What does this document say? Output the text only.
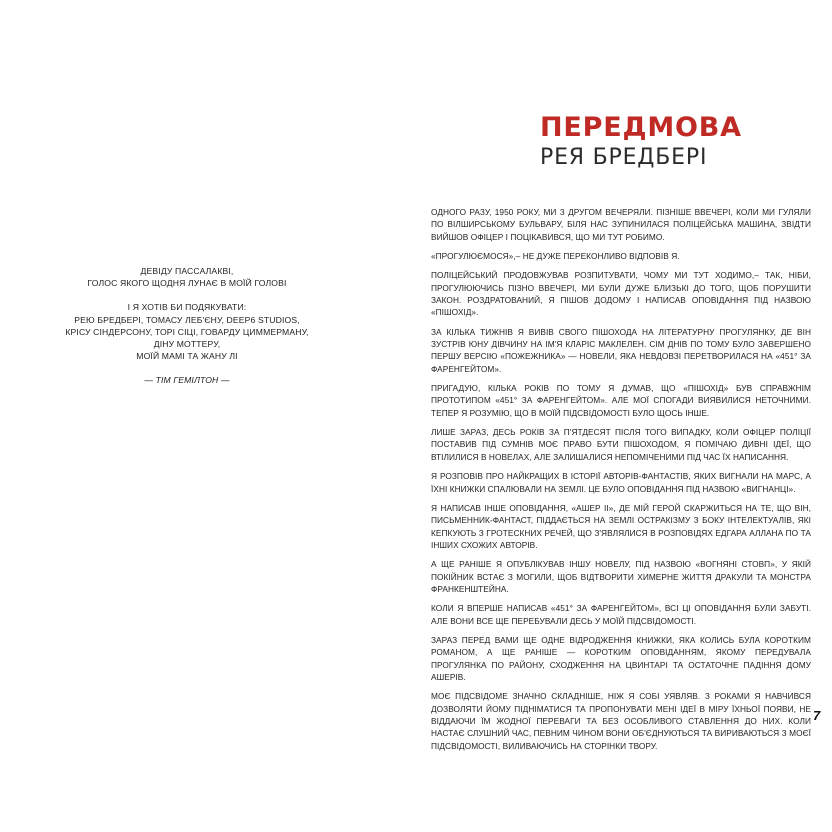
ДЕВІДУ ПАССАЛАКВІ,
ГОЛОС ЯКОГО ЩОДНЯ ЛУНАЄ В МОЇЙ ГОЛОВІ
І Я ХОТІВ БИ ПОДЯКУВАТИ:
РЕЮ БРЕДБЕРІ, ТОМАСУ ЛЕБ'ЄНУ, DEEP6 STUDIOS,
КРІСУ СІНДЕРСОНУ, ТОРІ СІЦІ, ГОВАРДУ ЦИММЕРМАНУ,
ДІНУ МОТТЕРУ,
МОЇЙ МАМІ ТА ЖАНУ ЛІ
— ТІМ ГЕМІЛТОН —
ПЕРЕДМОВА
РЕЯ БРЕДБЕРІ

ОДНОГО РАЗУ, 1950 РОКУ, МИ З ДРУГОМ ВЕЧЕРЯЛИ. ПІЗНІШЕ ВВЕЧЕРІ, КОЛИ МИ ГУЛЯЛИ ПО ВІЛШИРСЬКОМУ БУЛЬВАРУ, БІЛЯ НАС ЗУПИНИЛАСЯ ПОЛІЦЕЙСЬКА МАШИНА, ЗВІДТИ ВИЙШОВ ОФІЦЕР І ПОЦІКАВИВСЯ, ЩО МИ ТУТ РОБИМО.

«ПРОГУЛЮЄМОСЯ»,– НЕ ДУЖЕ ПЕРЕКОНЛИВО ВІДПОВІВ Я.

ПОЛІЦЕЙСЬКИЙ ПРОДОВЖУВАВ РОЗПИТУВАТИ, ЧОМУ МИ ТУТ ХОДИМО,– ТАК, НІБИ, ПРОГУЛЮЮЧИСЬ ПІЗНО ВВЕЧЕРІ, МИ БУЛИ ДУЖЕ БЛИЗЬКІ ДО ТОГО, ЩОБ ПОРУШИТИ ЗАКОН. РОЗДРАТОВАНИЙ, Я ПІШОВ ДОДОМУ І НАПИСАВ ОПОВІДАННЯ ПІД НАЗВОЮ «ПІШОХІД».

ЗА КІЛЬКА ТИЖНІВ Я ВИВІВ СВОГО ПІШОХОДА НА ЛІТЕРАТУРНУ ПРОГУЛЯНКУ, ДЕ ВІН ЗУСТРІВ ЮНУ ДІВЧИНУ НА ІМ'Я КЛАРІС МАКЛЕЛЕН. СІМ ДНІВ ПО ТОМУ БУЛО ЗАВЕРШЕНО ПЕРШУ ВЕРСІЮ «ПОЖЕЖНИКА» — НОВЕЛИ, ЯКА НЕВДОВЗІ ПЕРЕТВОРИЛАСЯ НА «451° ЗА ФАРЕНГЕЙТОМ».

ПРИГАДУЮ, КІЛЬКА РОКІВ ПО ТОМУ Я ДУМАВ, ЩО «ПІШОХІД» БУВ СПРАВЖНІМ ПРОТОТИПОМ «451° ЗА ФАРЕНГЕЙТОМ». АЛЕ МОЇ СПОГАДИ ВИЯВИЛИСЯ НЕТОЧНИМИ. ТЕПЕР Я РОЗУМІЮ, ЩО В МОЇЙ ПІДСВІДОМОСТІ БУЛО ЩОСЬ ІНШЕ.

ЛИШЕ ЗАРАЗ, ДЕСЬ РОКІВ ЗА П'ЯТДЕСЯТ ПІСЛЯ ТОГО ВИПАДКУ, КОЛИ ОФІЦЕР ПОЛІЦІЇ ПОСТАВИВ ПІД СУМНІВ МОЄ ПРАВО БУТИ ПІШОХОДОМ, Я ПОМІЧАЮ ДИВНІ ІДЕЇ, ЩО ВТІЛИЛИСЯ В НОВЕЛАХ, АЛЕ ЗАЛИШАЛИСЯ НЕПОМІЧЕНИМИ ПІД ЧАС ЇХ НАПИСАННЯ.

Я РОЗПОВІВ ПРО НАЙКРАЩИХ В ІСТОРІЇ АВТОРІВ-ФАНТАСТІВ, ЯКИХ ВИГНАЛИ НА МАРС, А ЇХНІ КНИЖКИ СПАЛЮВАЛИ НА ЗЕМЛІ. ЦЕ БУЛО ОПОВІДАННЯ ПІД НАЗВОЮ «ВИГНАНЦІ».

Я НАПИСАВ ІНШЕ ОПОВІДАННЯ, «АШЕР ІІ», ДЕ МІЙ ГЕРОЙ СКАРЖИТЬСЯ НА ТЕ, ЩО ВІН, ПИСЬМЕННИК-ФАНТАСТ, ПІДДАЄТЬСЯ НА ЗЕМЛІ ОСТРАКІЗМУ З БОКУ ІНТЕЛЕКТУАЛІВ, ЯКІ КЕПКУЮТЬ З ГРОТЕСКНИХ РЕЧЕЙ, ЩО З'ЯВЛЯЛИСЯ В РОЗПОВІДЯХ ЕДГАРА АЛЛАНА ПО ТА ІНШИХ СХОЖИХ АВТОРІВ.

А ЩЕ РАНІШЕ Я ОПУБЛІКУВАВ ІНШУ НОВЕЛУ, ПІД НАЗВОЮ «ВОГНЯНІ СТОВП», У ЯКІЙ ПОКІЙНИК ВСТАЄ З МОГИЛИ, ЩОБ ВІДТВОРИТИ ХИМЕРНЕ ЖИТТЯ ДРАКУЛИ ТА МОНСТРА ФРАНКЕНШТЕЙНА.

КОЛИ Я ВПЕРШЕ НАПИСАВ «451° ЗА ФАРЕНГЕЙТОМ», ВСІ ЦІ ОПОВІДАННЯ БУЛИ ЗАБУТІ. АЛЕ ВОНИ ВСЕ ЩЕ ПЕРЕБУВАЛИ ДЕСЬ У МОЇЙ ПІДСВІДОМОСТІ.

ЗАРАЗ ПЕРЕД ВАМИ ЩЕ ОДНЕ ВІДРОДЖЕННЯ КНИЖКИ, ЯКА КОЛИСЬ БУЛА КОРОТКИМ РОМАНОМ, А ЩЕ РАНІШЕ — КОРОТКИМ ОПОВІДАННЯМ, ЯКОМУ ПЕРЕДУВАЛА ПРОГУЛЯНКА ПО РАЙОНУ, СХОДЖЕННЯ НА ЦВИНТАРІ ТА ОСТАТОЧНЕ ПАДІННЯ ДОМУ АШЕРІВ.

МОЄ ПІДСВІДОМЕ ЗНАЧНО СКЛАДНІШЕ, НІЖ Я СОБІ УЯВЛЯВ. З РОКАМИ Я НАВЧИВСЯ ДОЗВОЛЯТИ ЙОМУ ПІДНІМАТИСЯ ТА ПРОПОНУВАТИ МЕНІ ІДЕЇ В МІРУ ЇХНЬОЇ ПОЯВИ, НЕ ВІДДАЮЧИ ЇМ ЖОДНОЇ ПЕРЕВАГИ ТА БЕЗ ОСОБЛИВОГО СТАВЛЕННЯ ДО НИХ. КОЛИ НАСТАЄ СЛУШНИЙ ЧАС, ПЕВНИМ ЧИНОМ ВОНИ ОБ'ЄДНУЮТЬСЯ ТА ВИРИВАЮТЬСЯ З МОЄЇ ПІДСВІДОМОСТІ, ВИЛИВАЮЧИСЬ НА СТОРІНКИ ТВОРУ.

7
